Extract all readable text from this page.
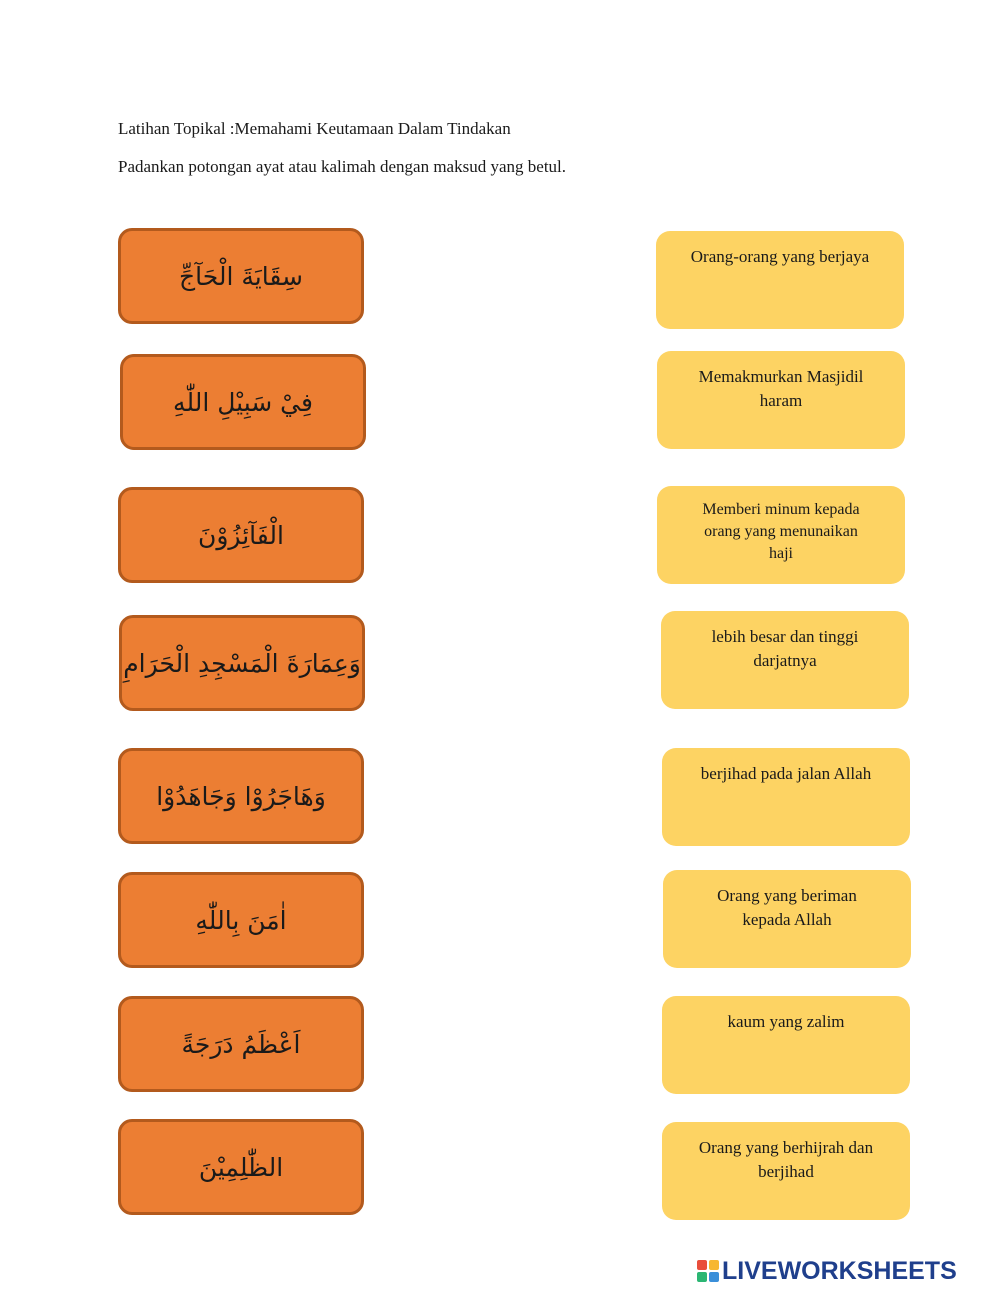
Latihan Topikal :Memahami Keutamaan Dalam Tindakan
Padankan potongan ayat atau kalimah dengan maksud yang betul.
سِقَايَةَ الْحَآجِّ
فِيْ سَبِيْلِ اللّٰهِ
الْفَآئِزُوْنَ
وَعِمَارَةَ الْمَسْجِدِ الْحَرَامِ
وَهَاجَرُوْا وَجَاهَدُوْا
اٰمَنَ بِاللّٰهِ
اَعْظَمُ دَرَجَةً
الظّٰلِمِيْنَ
Orang-orang yang berjaya
Memakmurkan Masjidil
haram
Memberi minum kepada
orang yang menunaikan
haji
lebih besar dan tinggi
darjatnya
berjihad pada jalan Allah
Orang yang beriman
kepada Allah
kaum yang zalim
Orang yang berhijrah dan
berjihad
LIVEWORKSHEETS
